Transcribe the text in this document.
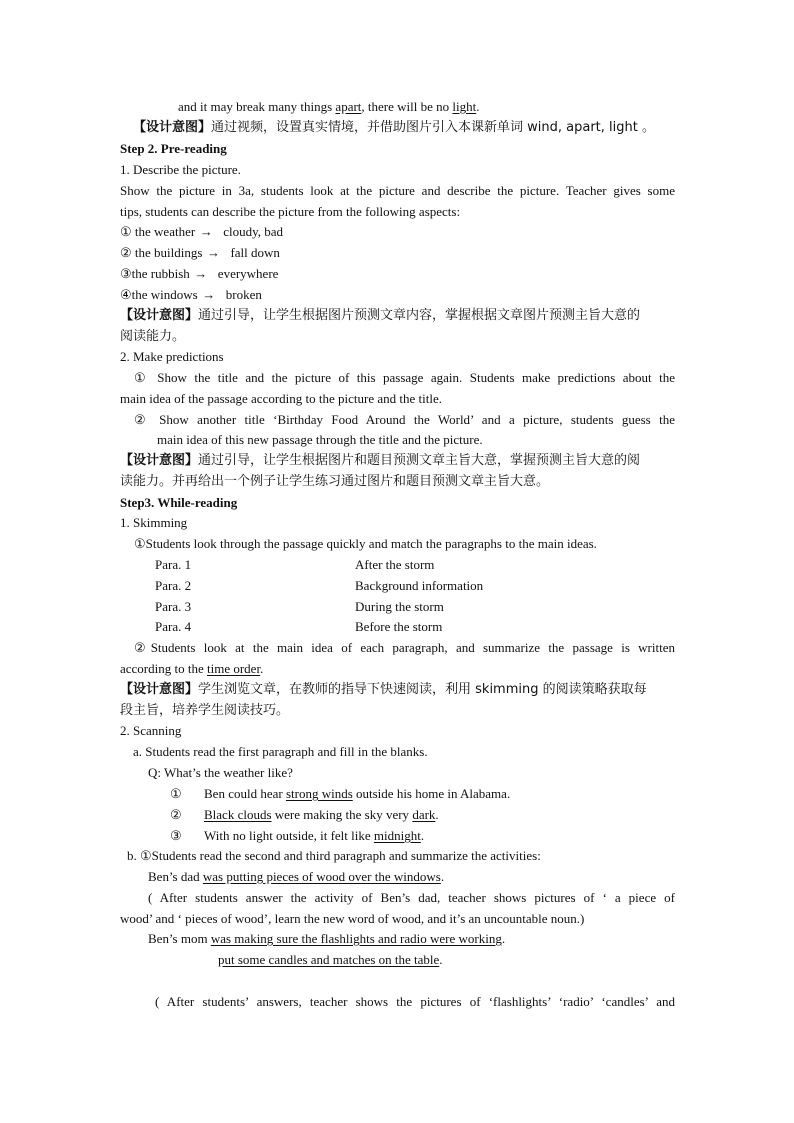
and it may break many things apart, there will be no light.
【设计意图】通过视频，设置真实情境，并借助图片引入本课新单词 wind, apart, light 。
Step 2. Pre-reading
1. Describe the picture.
Show the picture in 3a, students look at the picture and describe the picture. Teacher gives some
tips, students can describe the picture from the following aspects:
① the weather → cloudy, bad
② the buildings → fall down
③the rubbish → everywhere
④the windows → broken
【设计意图】通过引导，让学生根据图片预测文章内容，掌握根据文章图片预测主旨大意的
阅读能力。
2. Make predictions
① Show the title and the picture of this passage again. Students make predictions about the
main idea of the passage according to the picture and the title.
② Show another title ‘Birthday Food Around the World’ and a picture, students guess the
main idea of this new passage through the title and the picture.
【设计意图】通过引导，让学生根据图片和题目预测文章主旨大意，掌握预测主旨大意的阅
读能力。并再给出一个例子让学生练习通过图片和题目预测文章主旨大意。
Step3. While-reading
1. Skimming
①Students look through the passage quickly and match the paragraphs to the main ideas.
Para. 1	After the storm
Para. 2	Background information
Para. 3	During the storm
Para. 4	Before the storm
②Students look at the main idea of each paragraph, and summarize the passage is written
according to the time order.
【设计意图】学生浏览文章，在教师的指导下快速阅读，利用 skimming 的阅读策略获取每
段主旨，培养学生阅读技巧。
2. Scanning
a. Students read the first paragraph and fill in the blanks.
Q: What’s the weather like?
① Ben could hear strong winds outside his home in Alabama.
② Black clouds were making the sky very dark.
③ With no light outside, it felt like midnight.
b. ①Students read the second and third paragraph and summarize the activities:
Ben’s dad was putting pieces of wood over the windows.
( After students answer the activity of Ben’s dad, teacher shows pictures of ‘ a piece of
wood’ and ‘ pieces of wood’, learn the new word of wood, and it’s an uncountable noun.)
Ben’s mom was making sure the flashlights and radio were working.
put some candles and matches on the table.
( After students’ answers, teacher shows the pictures of ‘flashlights’ ‘radio’ ‘candles’ and
